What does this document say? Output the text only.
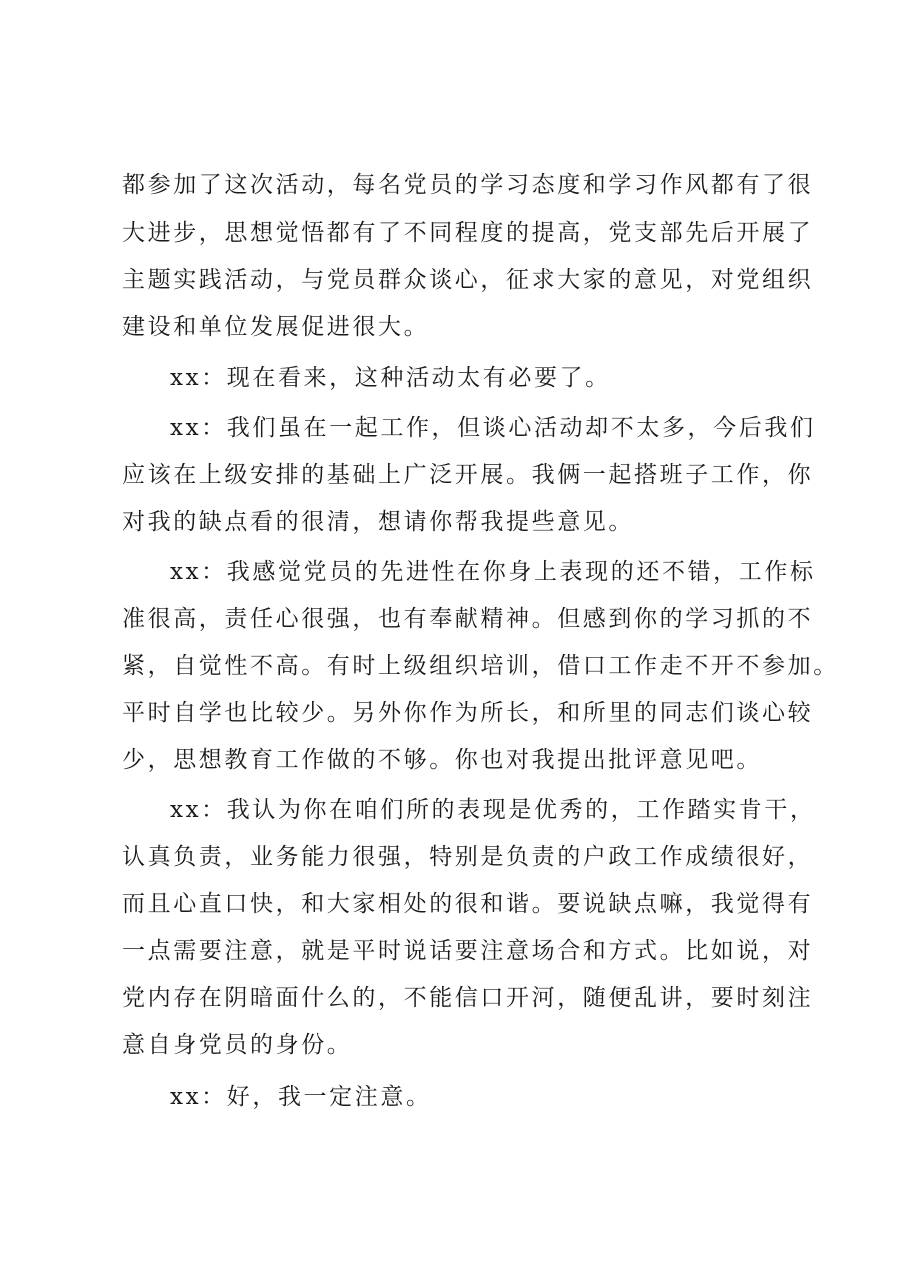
都参加了这次活动，每名党员的学习态度和学习作风都有了很
大进步，思想觉悟都有了不同程度的提高，党支部先后开展了
主题实践活动，与党员群众谈心，征求大家的意见，对党组织
建设和单位发展促进很大。
xx：现在看来，这种活动太有必要了。
xx：我们虽在一起工作，但谈心活动却不太多，今后我们
应该在上级安排的基础上广泛开展。我俩一起搭班子工作，你
对我的缺点看的很清，想请你帮我提些意见。
xx：我感觉党员的先进性在你身上表现的还不错，工作标
准很高，责任心很强，也有奉献精神。但感到你的学习抓的不
紧，自觉性不高。有时上级组织培训，借口工作走不开不参加。
平时自学也比较少。另外你作为所长，和所里的同志们谈心较
少，思想教育工作做的不够。你也对我提出批评意见吧。
xx：我认为你在咱们所的表现是优秀的，工作踏实肯干，
认真负责，业务能力很强，特别是负责的户政工作成绩很好，
而且心直口快，和大家相处的很和谐。要说缺点嘛，我觉得有
一点需要注意，就是平时说话要注意场合和方式。比如说，对
党内存在阴暗面什么的，不能信口开河，随便乱讲，要时刻注
意自身党员的身份。
xx：好，我一定注意。
